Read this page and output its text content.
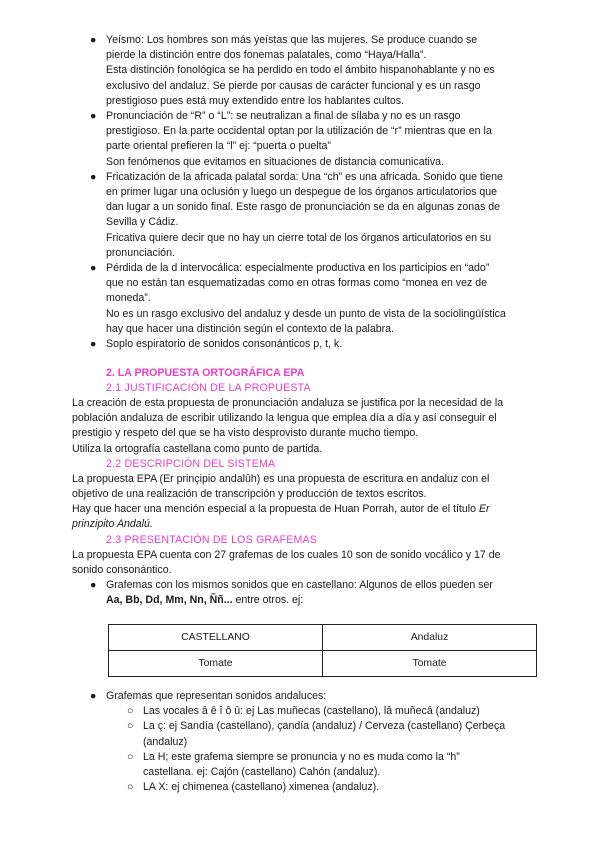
● Yeísmo: Los hombres son más yeístas que las mujeres. Se produce cuando se

pierde la distinción entre dos fonemas palatales, como “Haya/Halla”.

Esta distinción fonológica se ha perdido en todo el ámbito hispanohablante y no es

exclusivo del andaluz. Se pierde por causas de carácter funcional y es un rasgo

prestigioso pues está muy extendido entre los hablantes cultos.

● Pronunciación de “R” o “L”: se neutralizan a final de sílaba y no es un rasgo

prestigioso. En la parte occidental optan por la utilización de “r” mientras que en la

parte oriental prefieren la “l” ej: “puerta o puelta”

Son fenómenos que evitamos en situaciones de distancia comunicativa.

● Fricatización de la africada palatal sorda: Una “ch” es una africada. Sonido que tiene

en primer lugar una oclusión y luego un despegue de los órganos articulatorios que

dan lugar a un sonido final. Este rasgo de pronunciación se da en algunas zonas de

Sevilla y Cádiz.

Fricativa quiere decir que no hay un cierre total de los órganos articulatorios en su

pronunciación.

● Pérdida de la d intervocálica: especialmente productiva en los participios en “ado”

que no están tan esquematizadas como en otras formas como “monea en vez de

moneda”.

No es un rasgo exclusivo del andaluz y desde un punto de vista de la sociolingüística

hay que hacer una distinción según el contexto de la palabra.

● Soplo espiratorio de sonidos consonánticos p, t, k.

2. LA PROPUESTA ORTOGRÁFICA EPA

2.1 JUSTIFICACIÓN DE LA PROPUESTA

La creación de esta propuesta de pronunciación andaluza se justifica por la necesidad de la

población andaluza de escribir utilizando la lengua que emplea día a día y así conseguir el

prestigio y respeto del que se ha visto desprovisto durante mucho tiempo.

Utiliza la ortografía castellana como punto de partida.

2.2 DESCRIPCIÓN DEL SISTEMA

La propuesta EPA (Er prinçipio andalûh) es una propuesta de escritura en andaluz con el

objetivo de una realización de transcripción y producción de textos escritos.

Hay que hacer una mención especial a la propuesta de Huan Porrah, autor de el título Er

prinzipito Andalú.

2.3 PRESENTACIÓN DE LOS GRAFEMAS

La propuesta EPA cuenta con 27 grafemas de los cuales 10 son de sonido vocálico y 17 de

sonido consonántico.

● Grafemas con los mismos sonidos que en castellano: Algunos de ellos pueden ser

Aa, Bb, Dd, Mm, Nn, Ññ... entre otros. ej:

CASTELLANO	Andaluz
Tomate	Tomate
● Grafemas que representan sonidos andaluces:

○ Las vocales â ê î ô û: ej Las muñecas (castellano), lâ muñecâ (andaluz)

○ La ç: ej Sandía (castellano), çandía (andaluz) / Cerveza (castellano) Çerbeça

(andaluz)

○ La H; este grafema siempre se pronuncia y no es muda como la “h”

castellana. ej: Cajón (castellano) Cahón (andaluz).

○ LA X: ej chimenea (castellano) ximenea (andaluz).
